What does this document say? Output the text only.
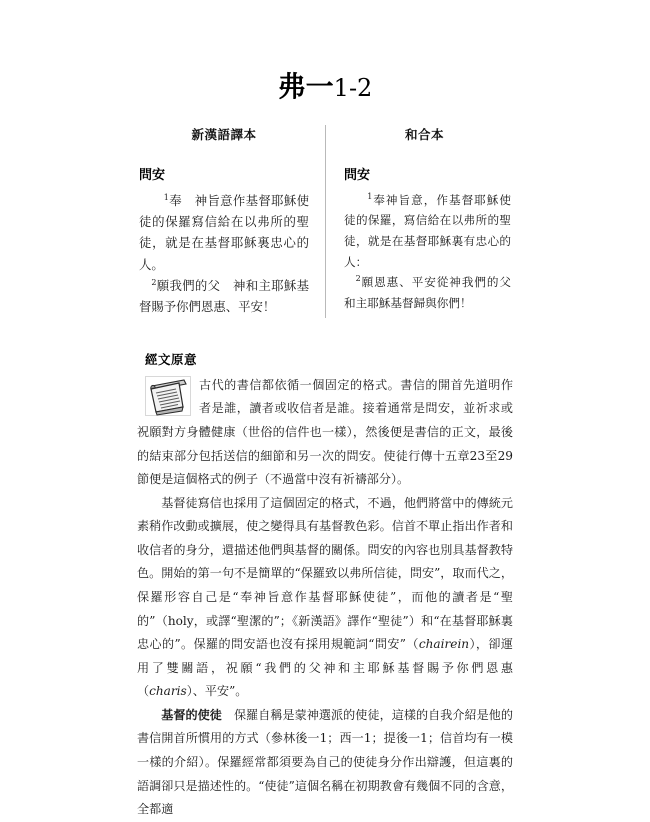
弗一1-2
新漢語譯本
問安

$^1$奉　神旨意作基督耶穌使徒的保羅寫信給在以弗所的聖徒，就是在基督耶穌裏忠心的人。
 $^2$願我們的父　神和主耶穌基督賜予你們恩惠、平安！

和合本
問安

$^1$奉神旨意，作基督耶穌使徒的保羅，寫信給在以弗所的聖徒，就是在基督耶穌裏有忠心的人：
 $^2$願恩惠、平安從神我們的父和主耶穌基督歸與你們！

經文原意

古代的書信都依循一個固定的格式。書信的開首先道明作者是誰，讀者或收信者是誰。接着通常是問安，並祈求或祝願對方身體健康（世俗的信件也一樣），然後便是書信的正文，最後的結束部分包括送信的細節和另一次的問安。使徒行傳十五章23至29節便是這個格式的例子（不過當中沒有祈禱部分）。

基督徒寫信也採用了這個固定的格式，不過，他們將當中的傳統元素稍作改動或擴展，使之變得具有基督教色彩。信首不單止指出作者和收信者的身分，還描述他們與基督的關係。問安的內容也別具基督教特色。開始的第一句不是簡單的“保羅致以弗所信徒，問安”，取而代之，保羅形容自己是“奉神旨意作基督耶穌使徒”，而他的讀者是“聖的”（holy，或譯“聖潔的”；《新漢語》譯作“聖徒”）和“在基督耶穌裏忠心的”。保羅的問安語也沒有採用規範詞“問安”（chairein），卻運用了雙關語，祝願“我們的父神和主耶穌基督賜予你們恩惠（charis）、平安”。

基督的使徒　保羅自稱是蒙神選派的使徒，這樣的自我介紹是他的書信開首所慣用的方式（參林後一1；西一1；提後一1；信首均有一模一樣的介紹）。保羅經常都須要為自己的使徒身分作出辯護，但這裏的語調卻只是描述性的。“使徒”這個名稱在初期教會有幾個不同的含意，全都適
